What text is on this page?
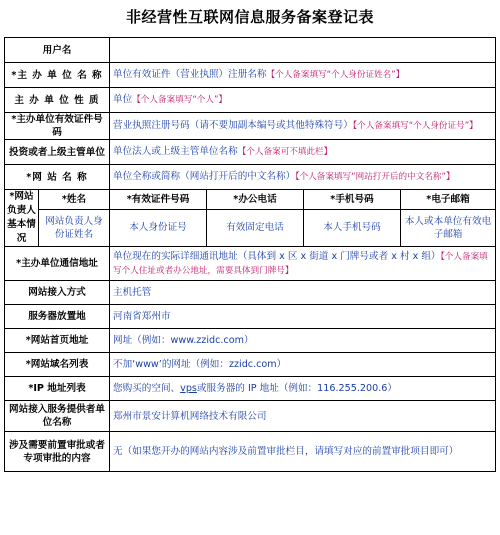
非经营性互联网信息服务备案登记表
用户名					
*主 办 单 位 名 称		单位有效证件（营业执照）注册名称【个人备案填写“个人身份证姓名”】			
主 办 单 位 性 质		单位【个人备案填写“个人”】			
*主办单位有效证件号码		营业执照注册号码（请不要加副本编号或其他特殊符号）【个人备案填写“个人身份证号”】			
投资或者上级主管单位		单位法人或上级主管单位名称【个人备案可不填此栏】			
*网 站 名 称		单位全称或简称（网站打开后的中文名称）【个人备案填写“网站打开后的中文名称”】			
*网站负责人基本情况	*姓名	*有效证件号码	*办公电话	*手机号码	*电子邮箱
	网站负责人身份证姓名	本人身份证号	有效固定电话	本人手机号码	本人或本单位有效电子邮箱
*主办单位通信地址		单位现在的实际详细通讯地址（具体到 x 区 x 街道 x 门牌号或者 x 村 x 组）【个人备案填写个人住址或者办公地址，需要具体到门牌号】			
网站接入方式		主机托管			
服务器放置地		河南省郑州市			
*网站首页地址		网址（例如：www.zzidc.com）			
*网站域名列表		不加‘www’的网址（例如：zzidc.com）			
*IP 地址列表		您购买的空间、vps或服务器的 IP 地址（例如：116.255.200.6）			
网站接入服务提供者单位名称		郑州市景安计算机网络技术有限公司			
涉及需要前置审批或者专项审批的内容		无（如果您开办的网站内容涉及前置审批栏目，请填写对应的前置审批项目即可）			
